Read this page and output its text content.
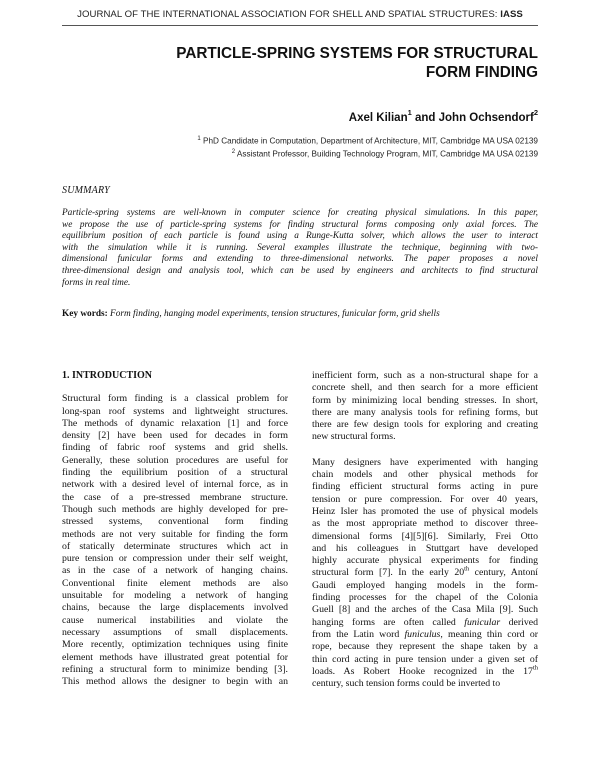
JOURNAL OF THE INTERNATIONAL ASSOCIATION FOR SHELL AND SPATIAL STRUCTURES: IASS
PARTICLE-SPRING SYSTEMS FOR STRUCTURAL
FORM FINDING
Axel Kilian$^1$ and John Ochsendorf$^2$
$^1$ PhD Candidate in Computation, Department of Architecture, MIT, Cambridge MA USA 02139
$^2$ Assistant Professor, Building Technology Program, MIT, Cambridge MA USA 02139
SUMMARY
Particle-spring systems are well-known in computer science for creating physical simulations. In this paper,
we propose the use of particle-spring systems for finding structural forms composing only axial forces. The
equilibrium position of each particle is found using a Runge-Kutta solver, which allows the user to interact
with the simulation while it is running. Several examples illustrate the technique, beginning with two-
dimensional funicular forms and extending to three-dimensional networks. The paper proposes a novel
three-dimensional design and analysis tool, which can be used by engineers and architects to find structural
forms in real time.
Key words: Form finding, hanging model experiments, tension structures, funicular form, grid shells
1. INTRODUCTION
Structural form finding is a classical problem for
long-span roof systems and lightweight structures.
The methods of dynamic relaxation [1] and force
density [2] have been used for decades in form
finding of fabric roof systems and grid shells.
Generally, these solution procedures are useful for
finding the equilibrium position of a structural
network with a desired level of internal force, as in
the case of a pre-stressed membrane structure.
Though such methods are highly developed for pre-
stressed systems, conventional form finding
methods are not very suitable for finding the form
of statically determinate structures which act in
pure tension or compression under their self weight,
as in the case of a network of hanging chains.
Conventional finite element methods are also
unsuitable for modeling a network of hanging
chains, because the large displacements involved
cause numerical instabilities and violate the
necessary assumptions of small displacements.
More recently, optimization techniques using finite
element methods have illustrated great potential for
refining a structural form to minimize bending [3].
This method allows the designer to begin with an
inefficient form, such as a non-structural shape for a
concrete shell, and then search for a more efficient
form by minimizing local bending stresses. In short,
there are many analysis tools for refining forms, but
there are few design tools for exploring and creating
new structural forms.
Many designers have experimented with hanging
chain models and other physical methods for
finding efficient structural forms acting in pure
tension or pure compression. For over 40 years,
Heinz Isler has promoted the use of physical models
as the most appropriate method to discover three-
dimensional forms [4][5][6]. Similarly, Frei Otto
and his colleagues in Stuttgart have developed
highly accurate physical experiments for finding
structural form [7]. In the early 20th century, Antoní
Gaudi employed hanging models in the form-
finding processes for the chapel of the Colonia
Guell [8] and the arches of the Casa Mila [9]. Such
hanging forms are often called funicular derived
from the Latin word funiculus, meaning thin cord or
rope, because they represent the shape taken by a
thin cord acting in pure tension under a given set of
loads. As Robert Hooke recognized in the 17th
century, such tension forms could be inverted to
